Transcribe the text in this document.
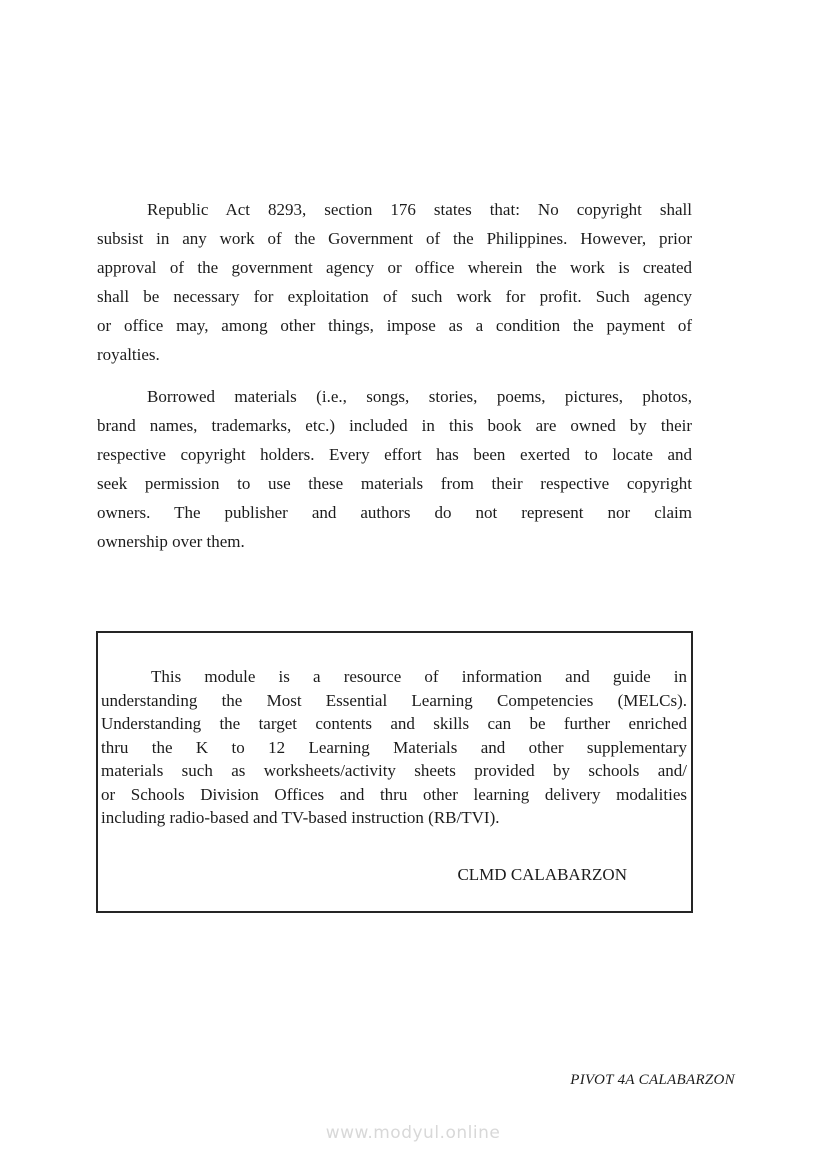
Republic Act 8293, section 176 states that: No copyright shall
subsist in any work of the Government of the Philippines. However, prior
approval of the government agency or office wherein the work is created
shall be necessary for exploitation of such work for profit. Such agency
or office may, among other things, impose as a condition the payment of
royalties.
Borrowed materials (i.e., songs, stories, poems, pictures, photos,
brand names, trademarks, etc.) included in this book are owned by their
respective copyright holders. Every effort has been exerted to locate and
seek permission to use these materials from their respective copyright
owners. The publisher and authors do not represent nor claim
ownership over them.
This module is a resource of information and guide in
understanding the Most Essential Learning Competencies (MELCs).
Understanding the target contents and skills can be further enriched
thru the K to 12 Learning Materials and other supplementary
materials such as worksheets/activity sheets provided by schools and/
or Schools Division Offices and thru other learning delivery modalities
including radio-based and TV-based instruction (RB/TVI).
CLMD CALABARZON
PIVOT 4A CALABARZON
www.modyul.online
